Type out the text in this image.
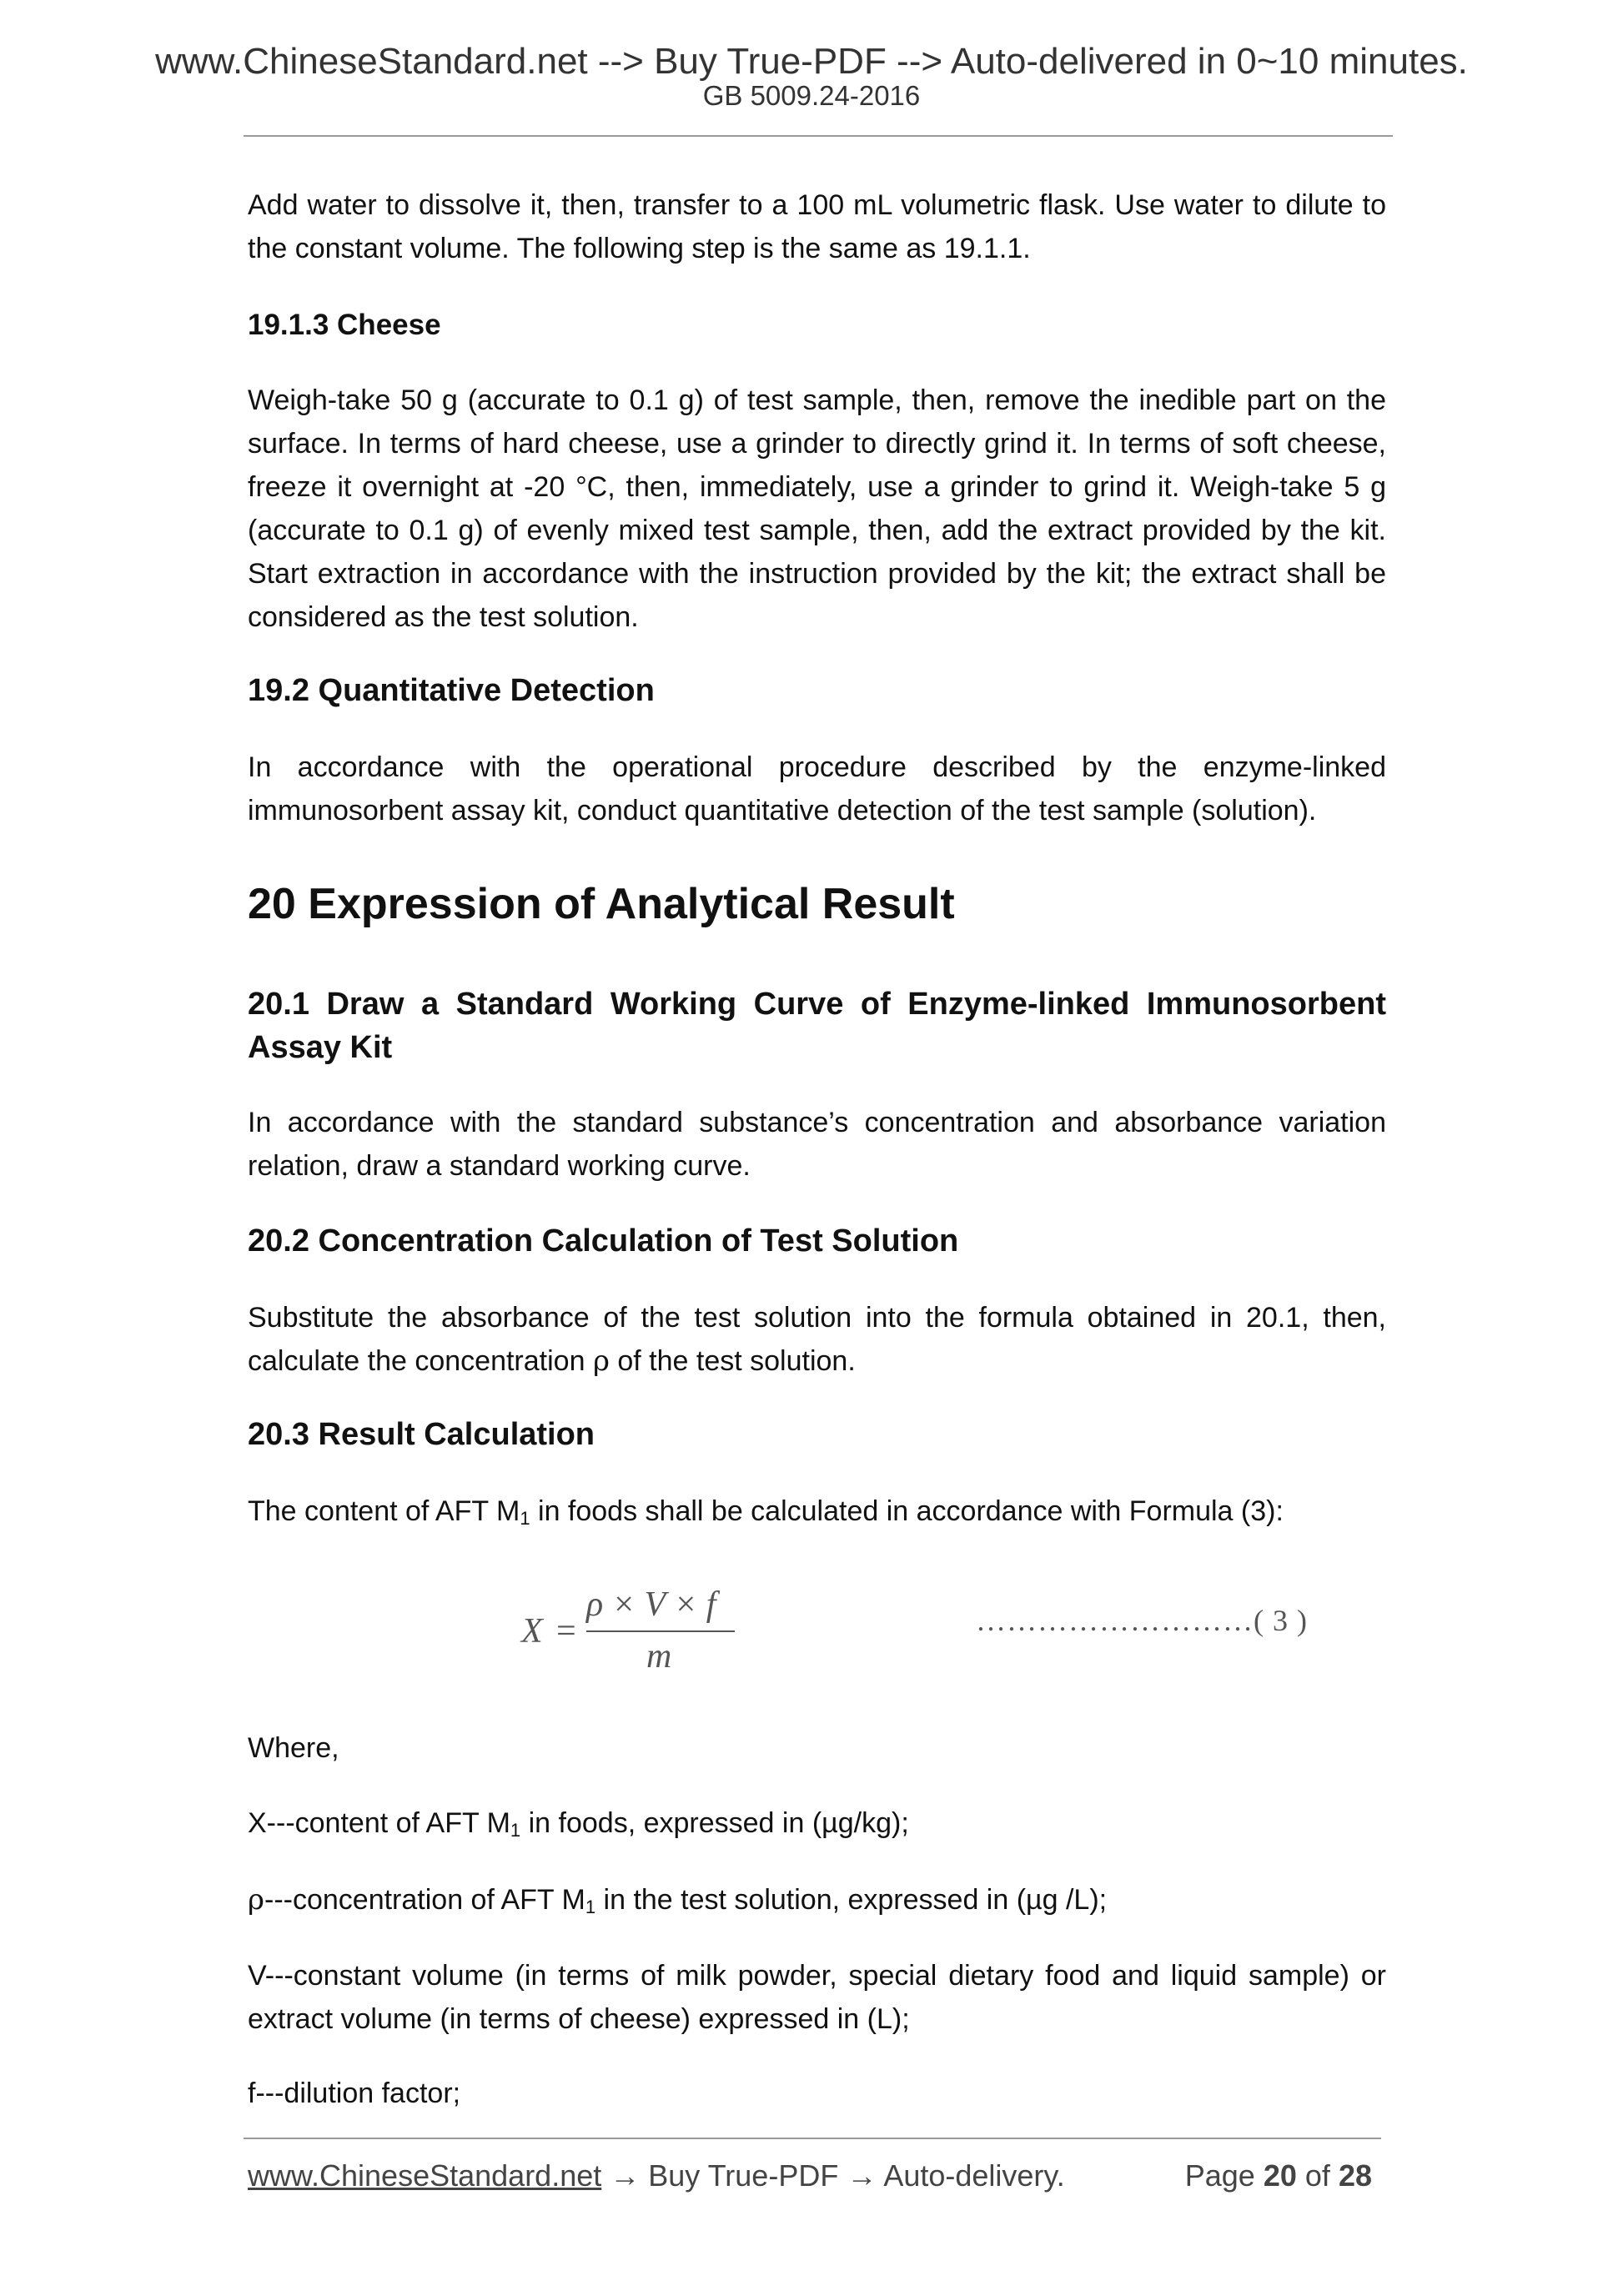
www.ChineseStandard.net --> Buy True-PDF --> Auto-delivered in 0~10 minutes.
GB 5009.24-2016

Add water to dissolve it, then, transfer to a 100 mL volumetric flask. Use water to dilute to the constant volume. The following step is the same as 19.1.1.

19.1.3 Cheese

Weigh-take 50 g (accurate to 0.1 g) of test sample, then, remove the inedible part on the surface. In terms of hard cheese, use a grinder to directly grind it. In terms of soft cheese, freeze it overnight at -20 °C, then, immediately, use a grinder to grind it. Weigh-take 5 g (accurate to 0.1 g) of evenly mixed test sample, then, add the extract provided by the kit. Start extraction in accordance with the instruction provided by the kit; the extract shall be considered as the test solution.

19.2 Quantitative Detection

In accordance with the operational procedure described by the enzyme-linked immunosorbent assay kit, conduct quantitative detection of the test sample (solution).

20 Expression of Analytical Result
20.1 Draw a Standard Working Curve of Enzyme-linked Immunosorbent Assay Kit

In accordance with the standard substance’s concentration and absorbance variation relation, draw a standard working curve.

20.2 Concentration Calculation of Test Solution

Substitute the absorbance of the test solution into the formula obtained in 20.1, then, calculate the concentration ρ of the test solution.

20.3 Result Calculation

The content of AFT $M_1$ in foods shall be calculated in accordance with Formula (3):

X =
ρ × V × f
m
………………………( 3 )

Where,

X---content of AFT $M_1$ in foods, expressed in (µg/kg);

ρ---concentration of AFT $M_1$ in the test solution, expressed in (µg /L);

V---constant volume (in terms of milk powder, special dietary food and liquid sample) or extract volume (in terms of cheese) expressed in (L);

f---dilution factor;

www.ChineseStandard.net → Buy True-PDF → Auto-delivery.	Page 20 of 28
